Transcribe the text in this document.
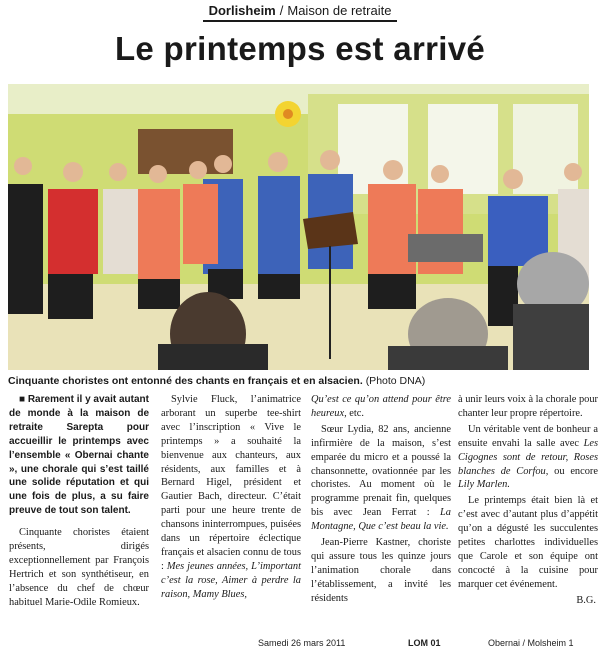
Dorlisheim / Maison de retraite
Le printemps est arrivé
Cinquante choristes ont entonné des chants en français et en alsacien. (Photo DNA)

■ Rarement il y avait autant de monde à la maison de retraite Sarepta pour accueillir le printemps avec l’ensemble « Obernai chante », une chorale qui s’est taillé une solide réputation et qui une fois de plus, a su faire preuve de tout son talent.

Cinquante choristes étaient présents, dirigés exceptionnellement par François Hertrich et son synthétiseur, en l’absence du chef de chœur habituel Marie-Odile Romieux.

Sylvie Fluck, l’animatrice arborant un superbe tee-shirt avec l’inscription « Vive le printemps » a souhaité la bienvenue aux chanteurs, aux résidents, aux familles et à Bernard Higel, président et Gautier Bach, directeur. C’était parti pour une heure trente de chansons ininterrompues, puisées dans un répertoire éclectique français et alsacien connu de tous : Mes jeunes années, L’important c’est la rose, Aimer à perdre la raison, Mamy Blues,

Qu’est ce qu’on attend pour être heureux, etc.

Sœur Lydia, 82 ans, ancienne infirmière de la maison, s’est emparée du micro et a poussé la chansonnette, ovationnée par les choristes. Au moment où le programme prenait fin, quelques bis avec Jean Ferrat : La Montagne, Que c’est beau la vie.

Jean-Pierre Kastner, choriste qui assure tous les quinze jours l’animation chorale dans l’établissement, a invité les résidents

à unir leurs voix à la chorale pour chanter leur propre répertoire.

Un véritable vent de bonheur a ensuite envahi la salle avec Les Cigognes sont de retour, Roses blanches de Corfou, ou encore Lily Marlen.

Le printemps était bien là et c’est avec d’autant plus d’appétit qu’on a dégusté les succulentes petites charlottes individuelles que Carole et son équipe ont concocté à la cuisine pour marquer cet événement.

B.G.
Samedi 26 mars 2011	LOM 01	Obernai / Molsheim 1
